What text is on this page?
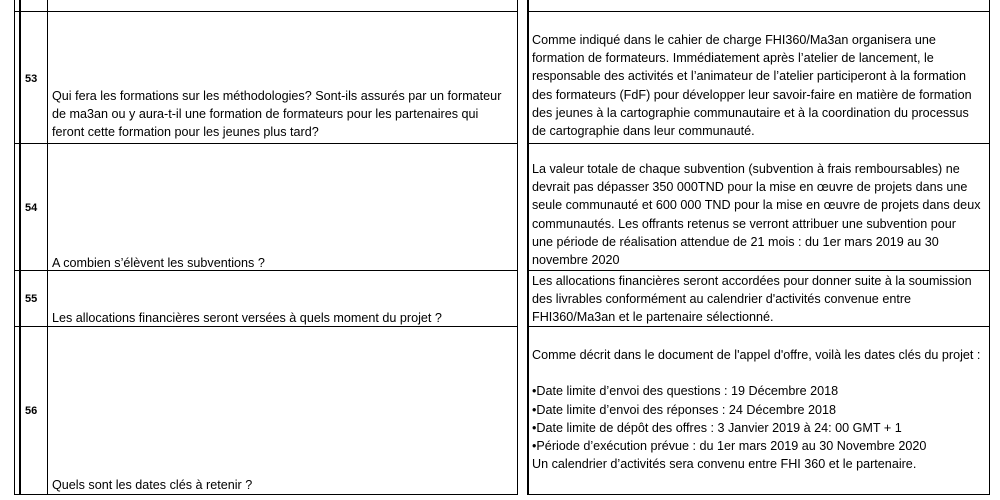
53
Qui fera les formations sur les méthodologies? Sont-ils assurés par un formateur
de ma3an ou y aura-t-il une formation de formateurs pour les partenaires qui
feront cette formation pour les jeunes plus tard?
Comme indiqué dans le cahier de charge FHI360/Ma3an organisera une
formation de formateurs. Immédiatement après l’atelier de lancement, le
responsable des activités et l’animateur de l’atelier participeront à la formation
des formateurs (FdF) pour développer leur savoir-faire en matière de formation
des jeunes à la cartographie communautaire et à la coordination du processus
de cartographie dans leur communauté.
54
A combien s’élèvent les subventions ?
La valeur totale de chaque subvention (subvention à frais remboursables) ne
devrait pas dépasser 350 000TND pour la mise en œuvre de projets dans une
seule communauté et 600 000 TND pour la mise en œuvre de projets dans deux
communautés. Les offrants retenus se verront attribuer une subvention pour
une période de réalisation attendue de 21 mois : du 1er mars 2019 au 30
novembre 2020
55
Les allocations financières seront versées à quels moment du projet ?
Les allocations financières seront accordées pour donner suite à la soumission
des livrables conformément au calendrier d'activités convenue entre
FHI360/Ma3an et le partenaire sélectionné.
56
Quels sont les dates clés à retenir ?
Comme décrit dans le document de l'appel d'offre, voilà les dates clés du projet :
•Date limite d’envoi des questions : 19 Décembre 2018
•Date limite d’envoi des réponses : 24 Décembre 2018
•Date limite de dépôt des offres : 3 Janvier 2019 à 24: 00 GMT + 1
•Période d’exécution prévue : du 1er mars 2019 au 30 Novembre 2020
Un calendrier d’activités sera convenu entre FHI 360 et le partenaire.
